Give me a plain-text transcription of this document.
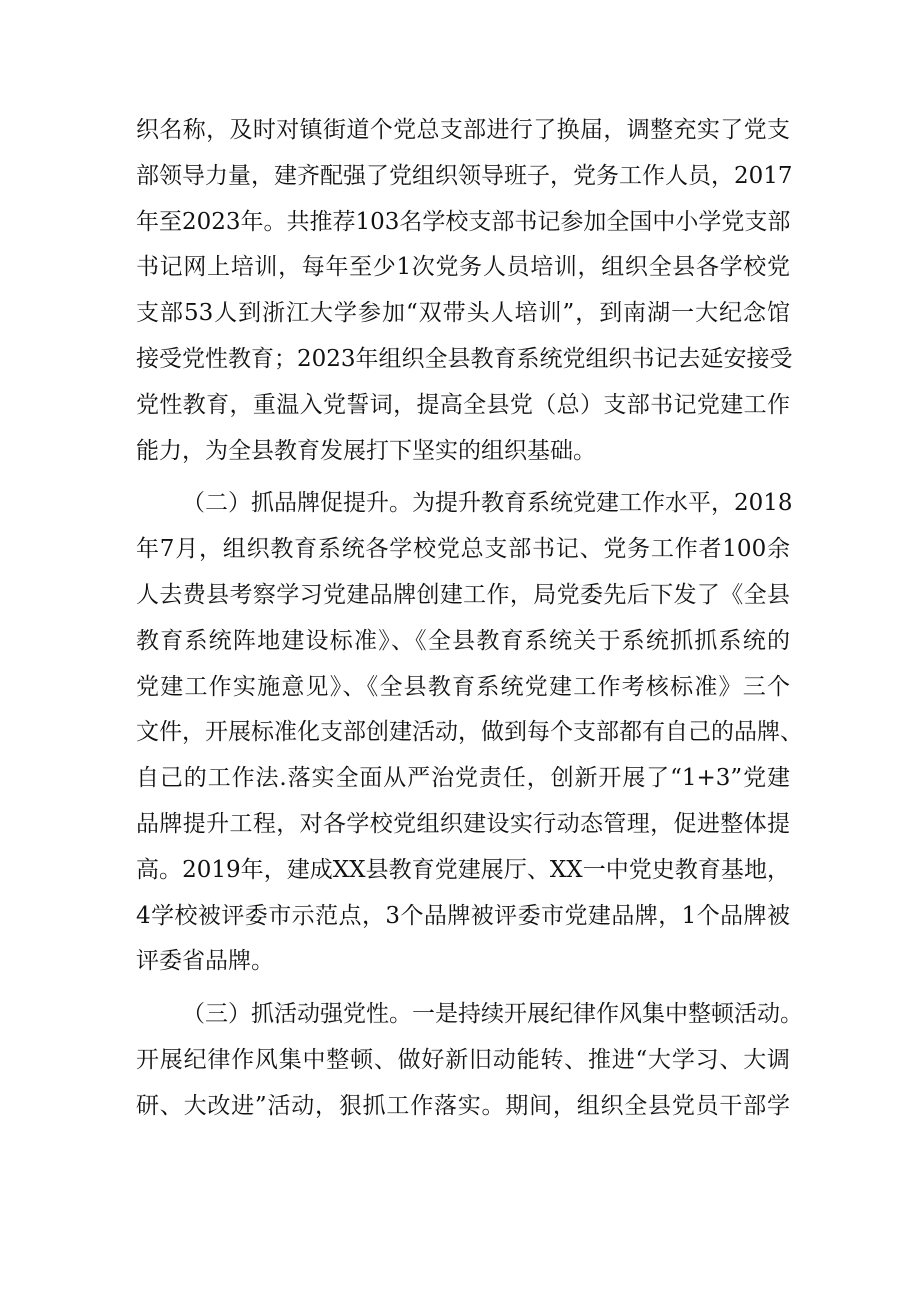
织名称，及时对镇街道个党总支部进行了换届，调整充实了党支
部领导力量，建齐配强了党组织领导班子，党务工作人员，2017
年至2023年。共推荐103名学校支部书记参加全国中小学党支部
书记网上培训，每年至少1次党务人员培训，组织全县各学校党
支部53人到浙江大学参加“双带头人培训”，到南湖一大纪念馆
接受党性教育；2023年组织全县教育系统党组织书记去延安接受
党性教育，重温入党誓词，提高全县党（总）支部书记党建工作
能力，为全县教育发展打下坚实的组织基础。
（二）抓品牌促提升。为提升教育系统党建工作水平，2018
年7月，组织教育系统各学校党总支部书记、党务工作者100余
人去费县考察学习党建品牌创建工作，局党委先后下发了《全县
教育系统阵地建设标准》、《全县教育系统关于系统抓抓系统的
党建工作实施意见》、《全县教育系统党建工作考核标准》三个
文件，开展标准化支部创建活动，做到每个支部都有自己的品牌、
自己的工作法.落实全面从严治党责任，创新开展了“1+3”党建
品牌提升工程，对各学校党组织建设实行动态管理，促进整体提
高。2019年，建成XX县教育党建展厅、XX一中党史教育基地，
4学校被评委市示范点，3个品牌被评委市党建品牌，1个品牌被
评委省品牌。
（三）抓活动强党性。一是持续开展纪律作风集中整顿活动。
开展纪律作风集中整顿、做好新旧动能转、推进“大学习、大调
研、大改进”活动，狠抓工作落实。期间，组织全县党员干部学
